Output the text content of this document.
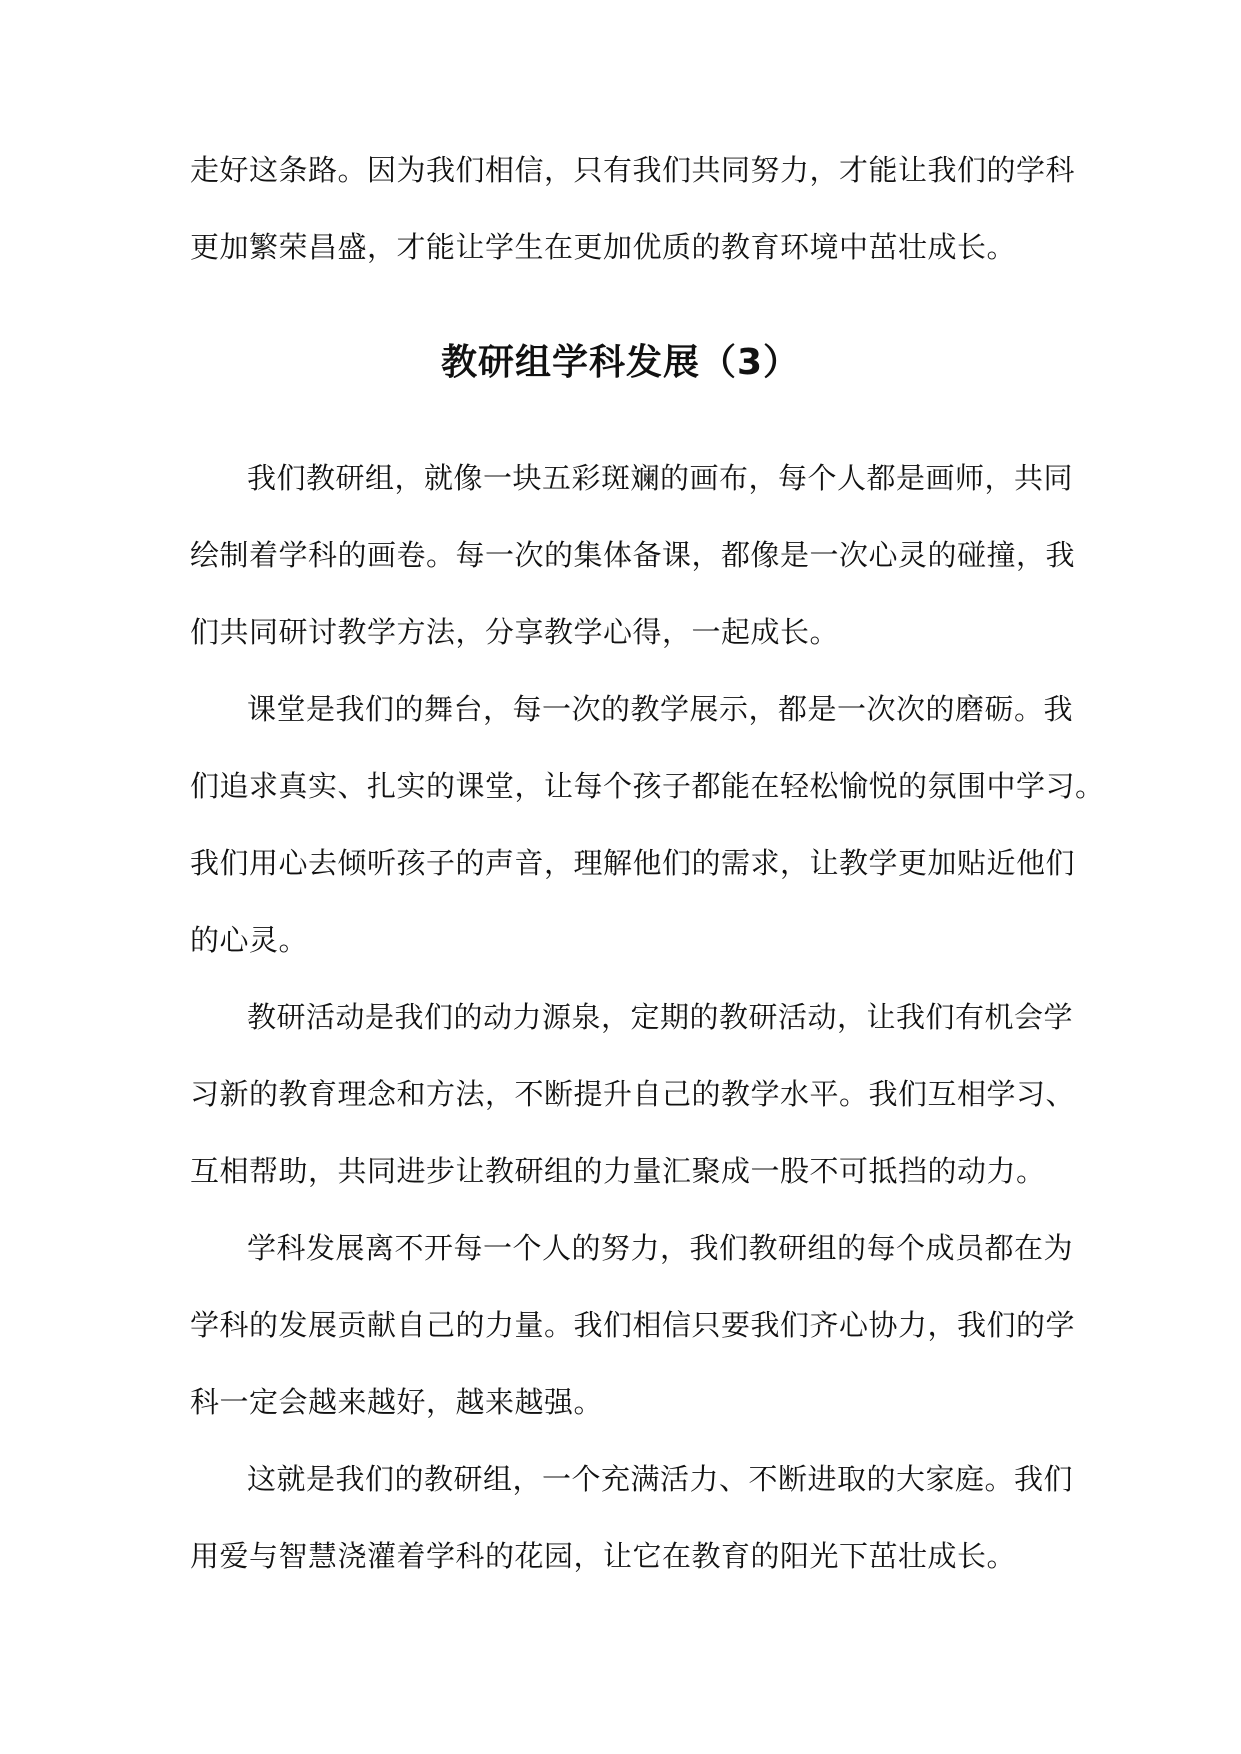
走好这条路。因为我们相信，只有我们共同努力，才能让我们的学科
更加繁荣昌盛，才能让学生在更加优质的教育环境中茁壮成长。
教研组学科发展（3）
我们教研组，就像一块五彩斑斓的画布，每个人都是画师，共同
绘制着学科的画卷。每一次的集体备课，都像是一次心灵的碰撞，我
们共同研讨教学方法，分享教学心得，一起成长。
课堂是我们的舞台，每一次的教学展示，都是一次次的磨砺。我
们追求真实、扎实的课堂，让每个孩子都能在轻松愉悦的氛围中学习。
我们用心去倾听孩子的声音，理解他们的需求，让教学更加贴近他们
的心灵。
教研活动是我们的动力源泉，定期的教研活动，让我们有机会学
习新的教育理念和方法，不断提升自己的教学水平。我们互相学习、
互相帮助，共同进步让教研组的力量汇聚成一股不可抵挡的动力。
学科发展离不开每一个人的努力，我们教研组的每个成员都在为
学科的发展贡献自己的力量。我们相信只要我们齐心协力，我们的学
科一定会越来越好，越来越强。
这就是我们的教研组，一个充满活力、不断进取的大家庭。我们
用爱与智慧浇灌着学科的花园，让它在教育的阳光下茁壮成长。
